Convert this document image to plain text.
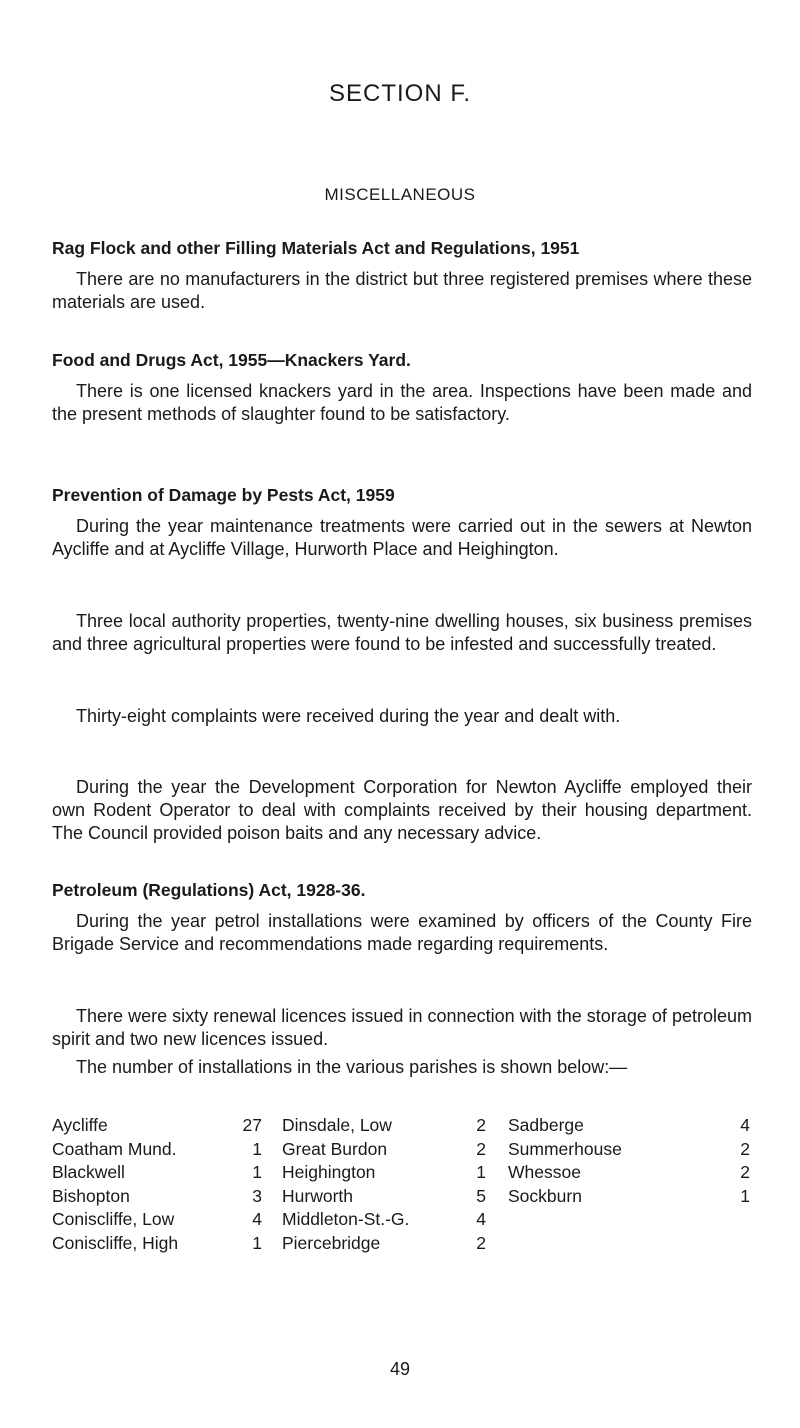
SECTION F.
MISCELLANEOUS
Rag Flock and other Filling Materials Act and Regulations, 1951
There are no manufacturers in the district but three registered premises where these materials are used.
Food and Drugs Act, 1955—Knackers Yard.
There is one licensed knackers yard in the area. Inspections have been made and the present methods of slaughter found to be satisfactory.
Prevention of Damage by Pests Act, 1959
During the year maintenance treatments were carried out in the sewers at Newton Aycliffe and at Aycliffe Village, Hurworth Place and Heighington.
Three local authority properties, twenty-nine dwelling houses, six business premises and three agricultural properties were found to be infested and successfully treated.
Thirty-eight complaints were received during the year and dealt with.
During the year the Development Corporation for Newton Aycliffe employed their own Rodent Operator to deal with complaints received by their housing department. The Council provided poison baits and any necessary advice.
Petroleum (Regulations) Act, 1928-36.
During the year petrol installations were examined by officers of the County Fire Brigade Service and recommendations made regarding requirements.
There were sixty renewal licences issued in connection with the storage of petroleum spirit and two new licences issued.
The number of installations in the various parishes is shown below:—
Aycliffe	27 Dinsdale, Low	2 Sadberge	4
Coatham Mund.	1 Great Burdon	2 Summerhouse	2
Blackwell	1 Heighington	1 Whessoe	2
Bishopton	3 Hurworth	5 Sockburn	1
Coniscliffe, Low	4 Middleton-St.-G.	4
Coniscliffe, High	1 Piercebridge	2
49
